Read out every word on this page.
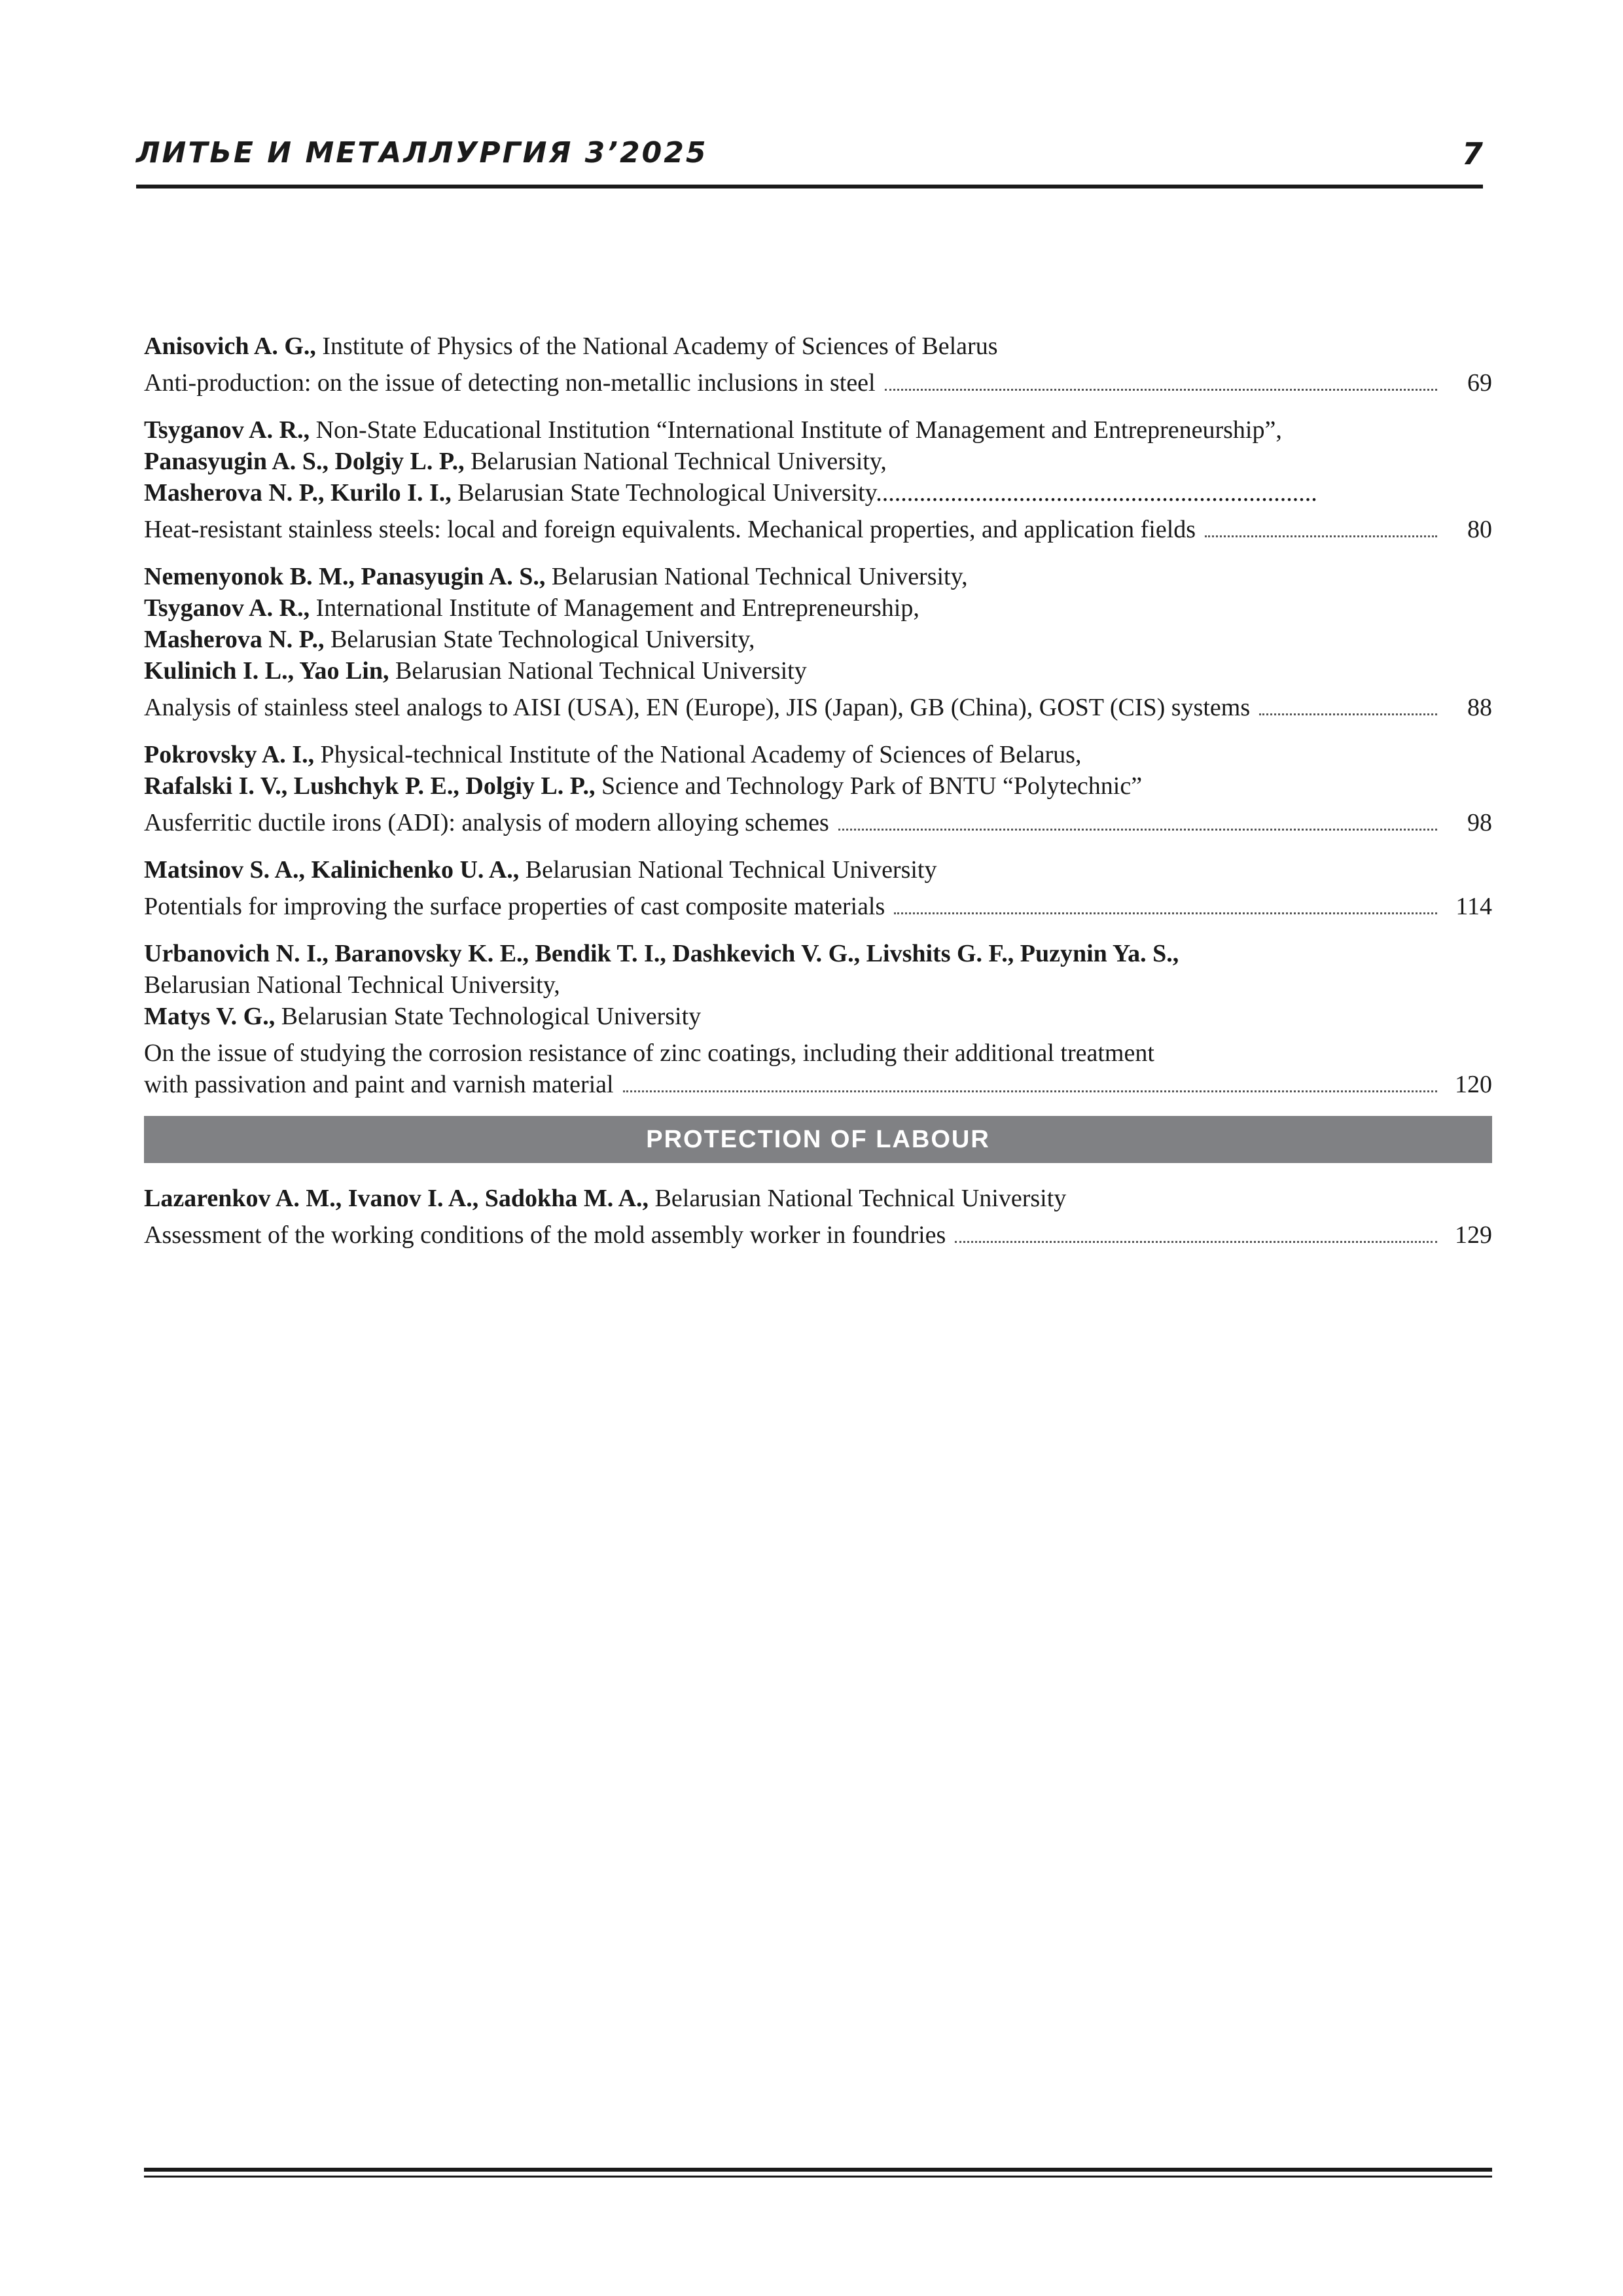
ЛИТЬЕ И МЕТАЛЛУРГИЯ 3’2025	7
Anisovich A. G., Institute of Physics of the National Academy of Sciences of Belarus
Anti-production: on the issue of detecting non-metallic inclusions in steel	69
Tsyganov A. R., Non-State Educational Institution “International Institute of Management and Entrepreneurship”,
Panasyugin A. S., Dolgiy L. P., Belarusian National Technical University,
Masherova N. P., Kurilo I. I., Belarusian State Technological University.......................................................................
Heat-resistant stainless steels: local and foreign equivalents. Mechanical properties, and application fields	80
Nemenyonok B. M., Panasyugin A. S., Belarusian National Technical University,
Tsyganov A. R., International Institute of Management and Entrepreneurship,
Masherova N. P., Belarusian State Technological University,
Kulinich I. L., Yao Lin, Belarusian National Technical University
Analysis of stainless steel analogs to AISI (USA), EN (Europe), JIS (Japan), GB (China), GOST (CIS) systems	88
Pokrovsky A. I., Physical-technical Institute of the National Academy of Sciences of Belarus,
Rafalski I. V., Lushchyk P. E., Dolgiy L. P., Science and Technology Park of BNTU “Polytechnic”
Ausferritic ductile irons (ADI): analysis of modern alloying schemes	98
Matsinov S. A., Kalinichenko U. A., Belarusian National Technical University
Potentials for improving the surface properties of cast composite materials	114
Urbanovich N. I., Baranovsky K. E., Bendik T. I., Dashkevich V. G., Livshits G. F., Puzynin Ya. S.,
Belarusian National Technical University,
Matys V. G., Belarusian State Technological University
On the issue of studying the corrosion resistance of zinc coatings, including their additional treatment
with passivation and paint and varnish material	120
PROTECTION OF LABOUR
Lazarenkov A. M., Ivanov I. A., Sadokha M. A., Belarusian National Technical University
Assessment of the working conditions of the mold assembly worker in foundries	129
